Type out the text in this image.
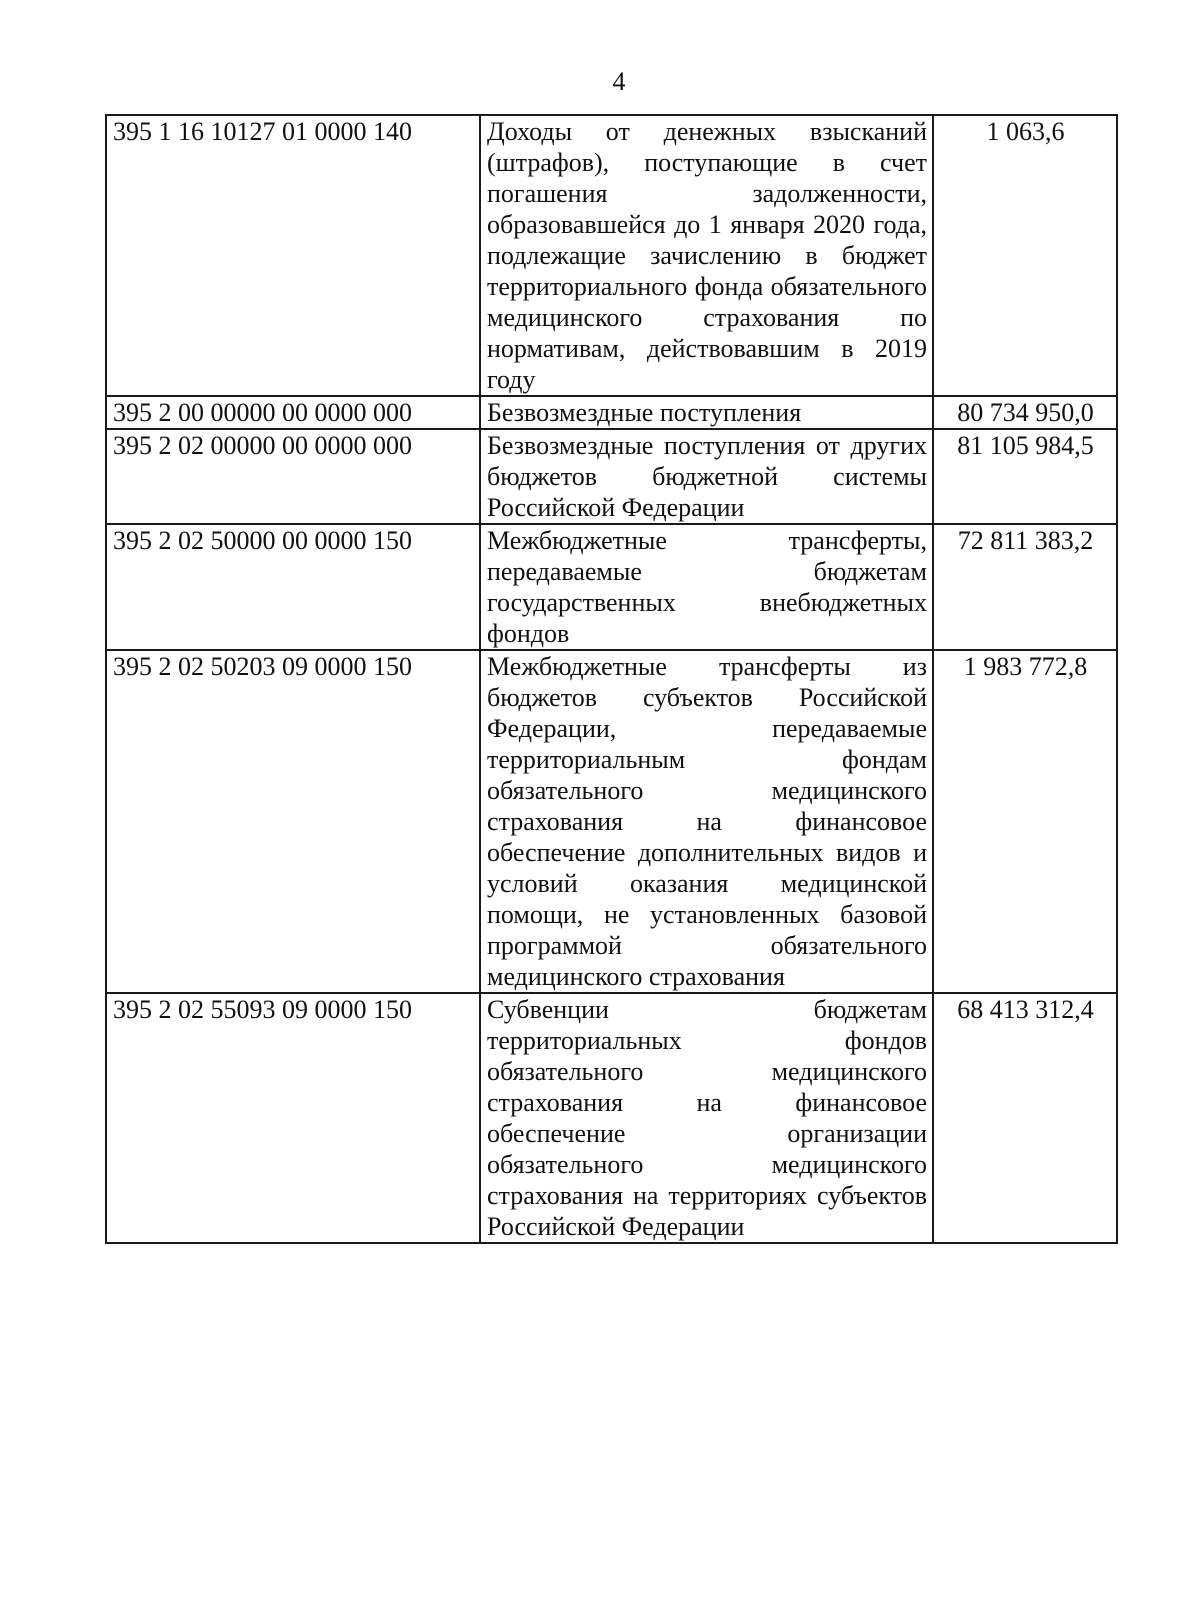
4
395 1 16 10127 01 0000 140	Доходы от денежных взысканий (штрафов), поступающие в счет погашения задолженности, образовавшейся до 1 января 2020 года, подлежащие зачислению в бюджет территориального фонда обязательного медицинского страхования по нормативам, действовавшим в 2019 году	1 063,6
395 2 00 00000 00 0000 000	Безвозмездные поступления	80 734 950,0
395 2 02 00000 00 0000 000	Безвозмездные поступления от других бюджетов бюджетной системы Российской Федерации	81 105 984,5
395 2 02 50000 00 0000 150	Межбюджетные трансферты, передаваемые бюджетам государственных внебюджетных фондов	72 811 383,2
395 2 02 50203 09 0000 150	Межбюджетные трансферты из бюджетов субъектов Российской Федерации, передаваемые территориальным фондам обязательного медицинского страхования на финансовое обеспечение дополнительных видов и условий оказания медицинской помощи, не установленных базовой программой обязательного медицинского страхования	1 983 772,8
395 2 02 55093 09 0000 150	Субвенции бюджетам территориальных фондов обязательного медицинского страхования на финансовое обеспечение организации обязательного медицинского страхования на территориях субъектов Российской Федерации	68 413 312,4
